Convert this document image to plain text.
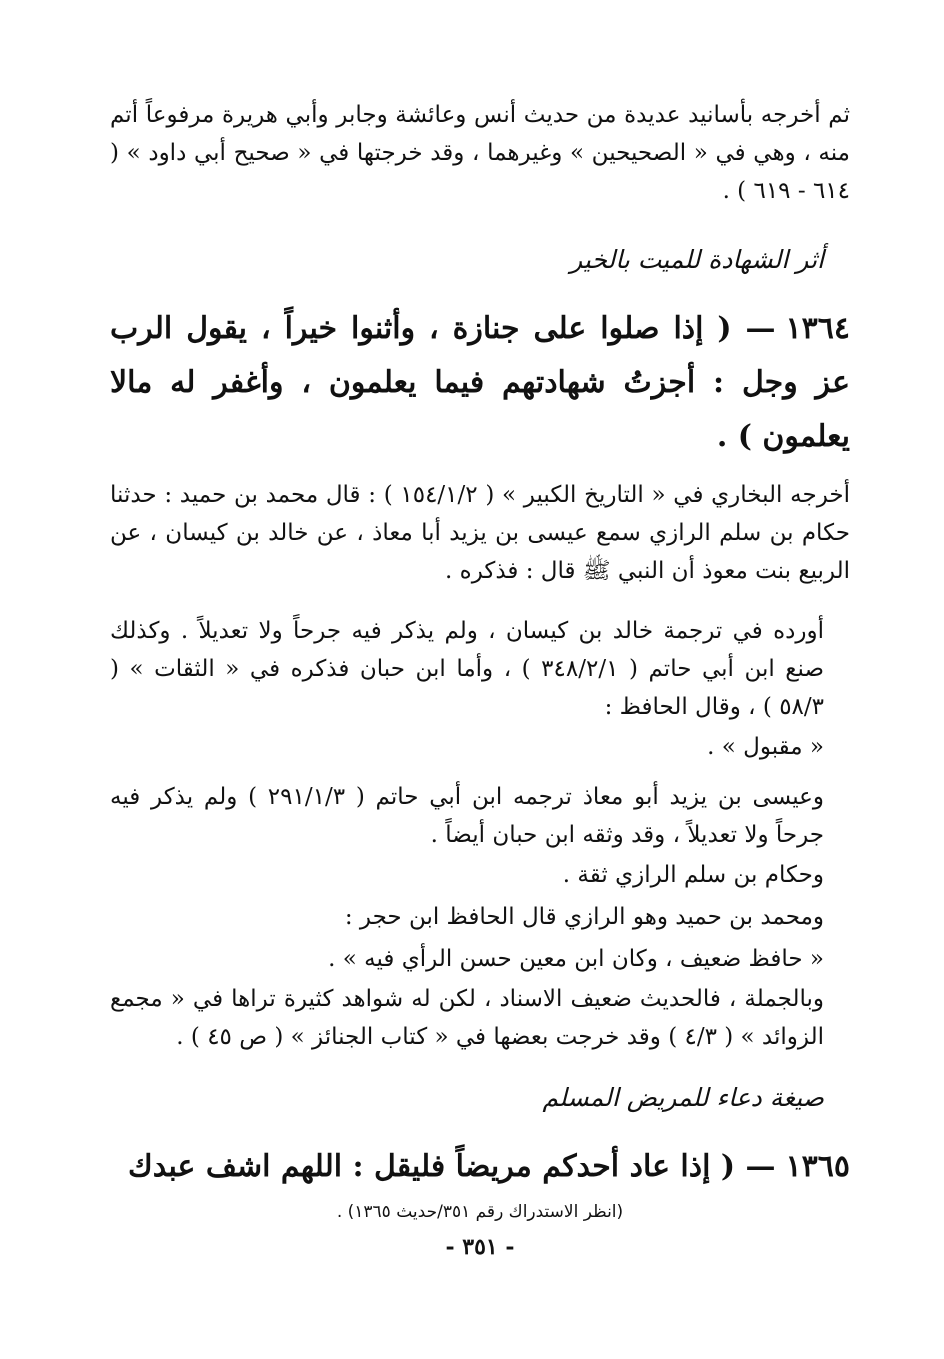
ثم أخرجه بأسانيد عديدة من حديث أنس وعائشة وجابر وأبي هريرة مرفوعاً أتم منه ، وهي في « الصحيحين » وغيرهما ، وقد خرجتها في « صحيح أبي داود » ( ٦١٤ - ٦١٩ ) .

أثر الشهادة للميت بالخير

١٣٦٤— ( إذا صلوا على جنازة ، وأثنوا خيراً ، يقول الرب عز وجل : أجزتُ شهادتهم فيما يعلمون ، وأغفر له مالا يعلمون ) .

أخرجه البخاري في « التاريخ الكبير » ( ١٥٤/١/٢ ) : قال محمد بن حميد : حدثنا حكام بن سلم الرازي سمع عيسى بن يزيد أبا معاذ ، عن خالد بن كيسان ، عن الربيع بنت معوذ أن النبي ﷺ قال : فذكره .

أورده في ترجمة خالد بن كيسان ، ولم يذكر فيه جرحاً ولا تعديلاً . وكذلك صنع ابن أبي حاتم ( ٣٤٨/٢/١ ) ، وأما ابن حبان فذكره في « الثقات » ( ٥٨/٣ ) ، وقال الحافظ :

« مقبول » .

وعيسى بن يزيد أبو معاذ ترجمه ابن أبي حاتم ( ٢٩١/١/٣ ) ولم يذكر فيه جرحاً ولا تعديلاً ، وقد وثقه ابن حبان أيضاً .

وحكام بن سلم الرازي ثقة .

ومحمد بن حميد وهو الرازي قال الحافظ ابن حجر :

« حافظ ضعيف ، وكان ابن معين حسن الرأي فيه » .

وبالجملة ، فالحديث ضعيف الاسناد ، لكن له شواهد كثيرة تراها في « مجمع الزوائد » ( ٤/٣ ) وقد خرجت بعضها في « كتاب الجنائز » ( ص ٤٥ ) .

صيغة دعاء للمريض المسلم

١٣٦٥— ( إذا عاد أحدكم مريضاً فليقل : اللهم اشف عبدك

(انظر الاستدراك رقم ٣٥١/حديث ١٣٦٥) .

- ٣٥١ -
